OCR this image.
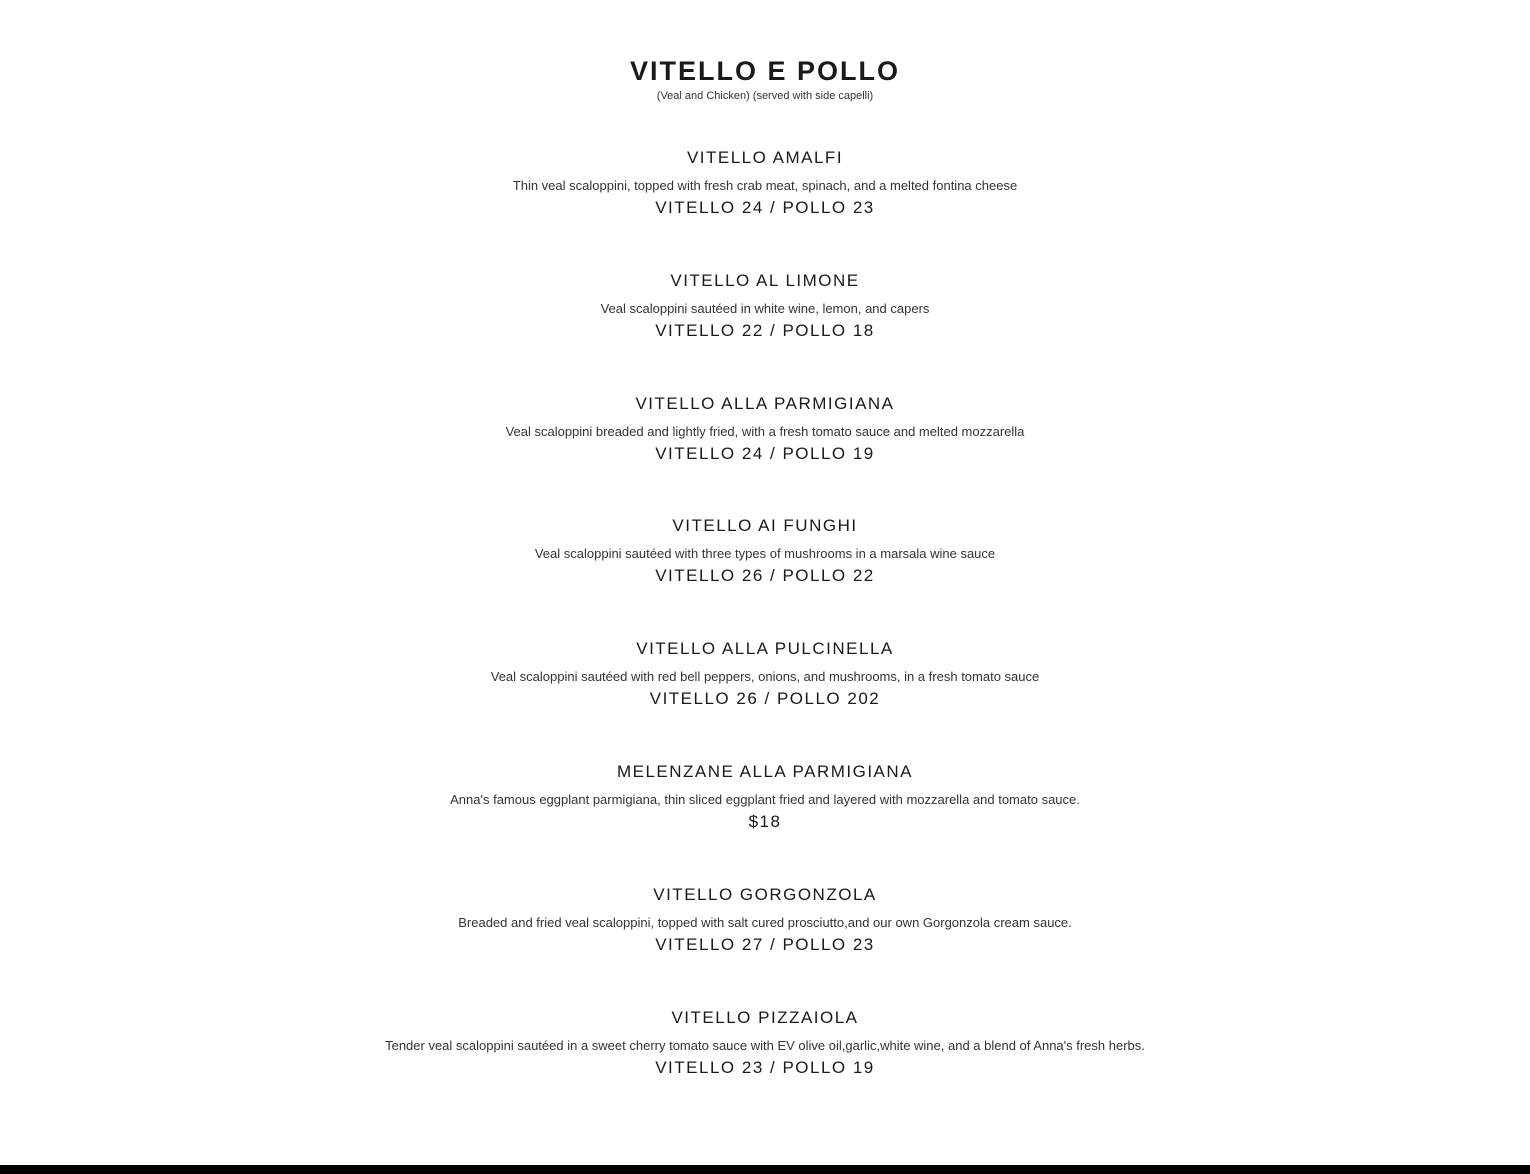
VITELLO E POLLO
(Veal and Chicken) (served with side capelli)
VITELLO AMALFI
Thin veal scaloppini, topped with fresh crab meat, spinach, and a melted fontina cheese
VITELLO 24 / POLLO 23
VITELLO AL LIMONE
Veal scaloppini sautéed in white wine, lemon, and capers
VITELLO 22 / POLLO 18
VITELLO ALLA PARMIGIANA
Veal scaloppini breaded and lightly fried, with a fresh tomato sauce and melted mozzarella
VITELLO 24 / POLLO 19
VITELLO AI FUNGHI
Veal scaloppini sautéed with three types of mushrooms in a marsala wine sauce
VITELLO 26 / POLLO 22
VITELLO ALLA PULCINELLA
Veal scaloppini sautéed with red bell peppers, onions, and mushrooms, in a fresh tomato sauce
VITELLO 26 / POLLO 202
MELENZANE ALLA PARMIGIANA
Anna's famous eggplant parmigiana, thin sliced eggplant fried and layered with mozzarella and tomato sauce.
$18
VITELLO GORGONZOLA
Breaded and fried veal scaloppini, topped with salt cured prosciutto,and our own Gorgonzola cream sauce.
VITELLO 27 / POLLO 23
VITELLO PIZZAIOLA
Tender veal scaloppini sautéed in a sweet cherry tomato sauce with EV olive oil,garlic,white wine, and a blend of Anna's fresh herbs.
VITELLO 23 / POLLO 19
